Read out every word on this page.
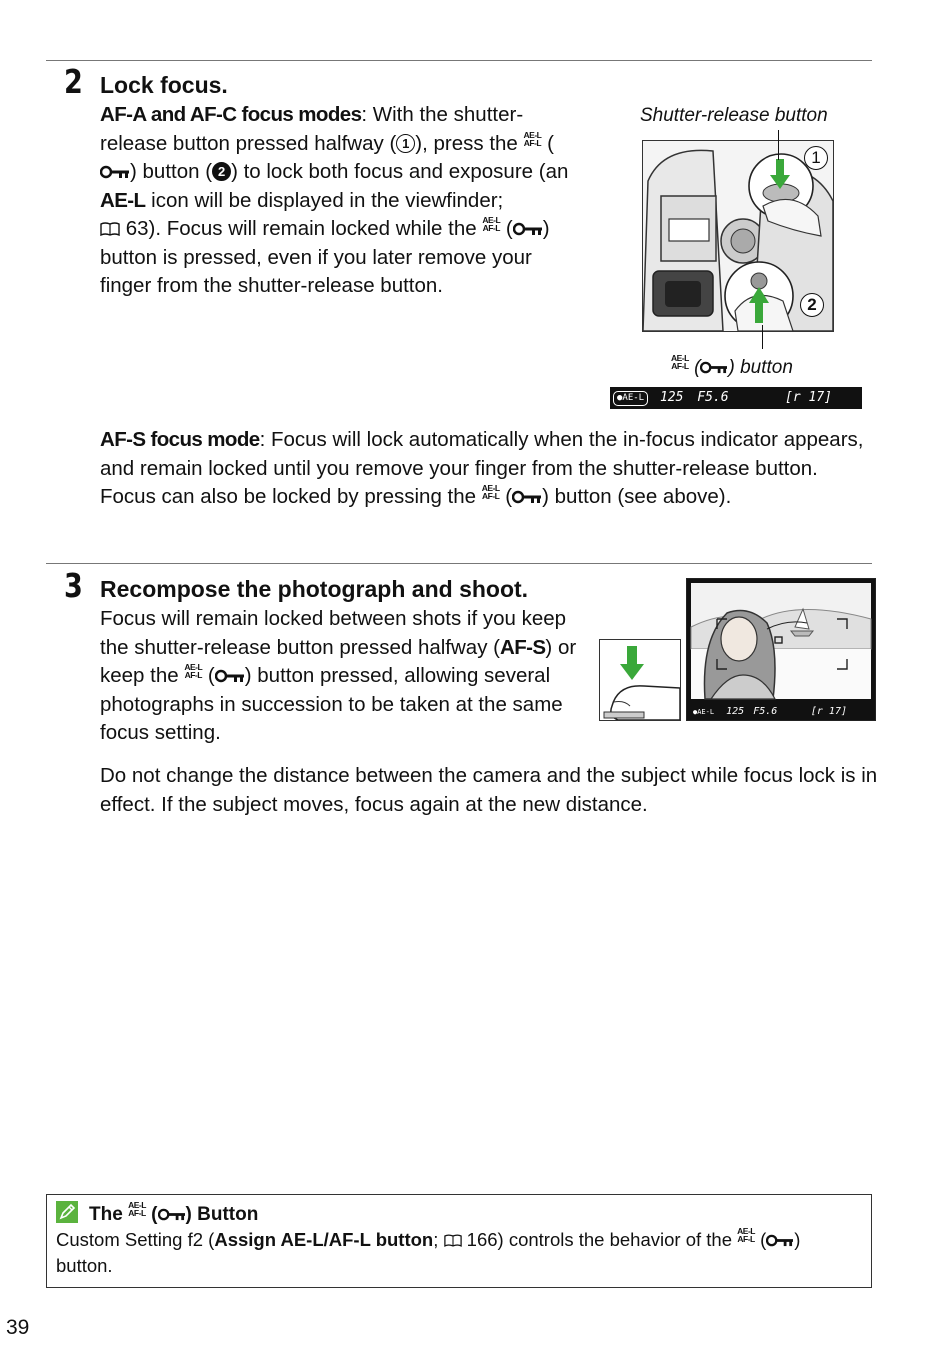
2 Lock focus.
AF-A and AF-C focus modes: With the shutter-release button pressed halfway ( 1 ), press the AE-L
AF-L () button ( 2 ) to lock both focus and exposure (an AE-L icon will be displayed in the viewfinder;
63). Focus will remain locked while the AE-L
AF-L ( ) button is pressed, even if you later remove your finger from the shutter-release button.
Shutter-release button
1
2
AE-L
AF-L ( ) button
●AE-L 125 F5.6	[r 17]
AF-S focus mode: Focus will lock automatically when the in-focus indicator appears, and remain locked until you remove your finger from the shutter-release button. Focus can also be locked by pressing the AE-L
AF-L ( ) button (see above).
3 Recompose the photograph and shoot.
Focus will remain locked between shots if you keep the shutter-release button pressed halfway (AF-S) or keep the AE-L
AF-L ( ) button pressed, allowing several photographs in succession to be taken at the same focus setting.
●AE-L 125 F5.6	[r 17]
Do not change the distance between the camera and the subject while focus lock is in effect. If the subject moves, focus again at the new distance.
The AE-L
AF-L ( ) Button
Custom Setting f2 (Assign AE-L/AF-L button; 166) controls the behavior of the AE-L
AF-L ( ) button.
39
